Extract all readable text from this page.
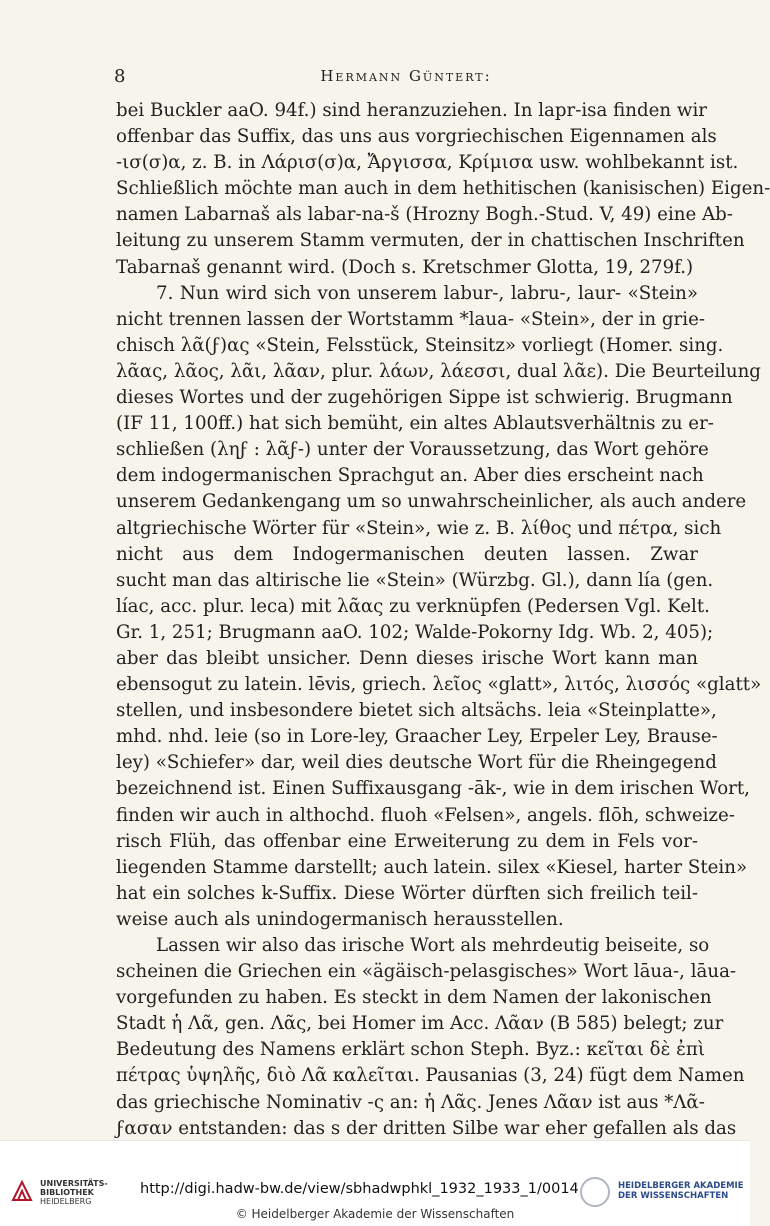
8	Hermann Güntert:
bei Buckler aaO. 94f.) sind heranzuziehen. In lapr-isa finden wir
offenbar das Suffix, das uns aus vorgriechischen Eigennamen als
-ισ(σ)α, z. B. in Λάρισ(σ)α, Ἄργισσα, Κρίμισα usw. wohlbekannt ist.
Schließlich möchte man auch in dem hethitischen (kanisischen) Eigen-
namen Labarnaš als labar-na-š (Hrozny Bogh.-Stud. V, 49) eine Ab-
leitung zu unserem Stamm vermuten, der in chattischen Inschriften
Tabarnaš genannt wird. (Doch s. Kretschmer Glotta, 19, 279f.)
7. Nun wird sich von unserem labur-, labru-, laur- «Stein»
nicht trennen lassen der Wortstamm *laua- «Stein», der in grie-
chisch λᾶ(ϝ)ας «Stein, Felsstück, Steinsitz» vorliegt (Homer. sing.
λᾶας, λᾶος, λᾶι, λᾶαν, plur. λάων, λάεσσι, dual λᾶε). Die Beurteilung
dieses Wortes und der zugehörigen Sippe ist schwierig. Brugmann
(IF 11, 100ff.) hat sich bemüht, ein altes Ablautsverhältnis zu er-
schließen (ληϝ : λᾶϝ-) unter der Voraussetzung, das Wort gehöre
dem indogermanischen Sprachgut an. Aber dies erscheint nach
unserem Gedankengang um so unwahrscheinlicher, als auch andere
altgriechische Wörter für «Stein», wie z. B. λίθος und πέτρα, sich
nicht aus dem Indogermanischen deuten lassen. Zwar
sucht man das altirische lie «Stein» (Würzbg. Gl.), dann lía (gen.
líac, acc. plur. leca) mit λᾶας zu verknüpfen (Pedersen Vgl. Kelt.
Gr. 1, 251; Brugmann aaO. 102; Walde-Pokorny Idg. Wb. 2, 405);
aber das bleibt unsicher. Denn dieses irische Wort kann man
ebensogut zu latein. lēvis, griech. λεῖος «glatt», λιτός, λισσός «glatt»
stellen, und insbesondere bietet sich altsächs. leia «Steinplatte»,
mhd. nhd. leie (so in Lore-ley, Graacher Ley, Erpeler Ley, Brause-
ley) «Schiefer» dar, weil dies deutsche Wort für die Rheingegend
bezeichnend ist. Einen Suffixausgang -āk-, wie in dem irischen Wort,
finden wir auch in althochd. fluoh «Felsen», angels. flōh, schweize-
risch Flüh, das offenbar eine Erweiterung zu dem in Fels vor-
liegenden Stamme darstellt; auch latein. silex «Kiesel, harter Stein»
hat ein solches k-Suffix. Diese Wörter dürften sich freilich teil-
weise auch als unindogermanisch herausstellen.
Lassen wir also das irische Wort als mehrdeutig beiseite, so
scheinen die Griechen ein «ägäisch-pelasgisches» Wort lāua-, lāua-
vorgefunden zu haben. Es steckt in dem Namen der lakonischen
Stadt ἡ Λᾶ, gen. Λᾶς, bei Homer im Acc. Λᾶαν (B 585) belegt; zur
Bedeutung des Namens erklärt schon Steph. Byz.: κεῖται δὲ ἐπὶ
πέτρας ὑψηλῆς, διὸ Λᾶ καλεῖται. Pausanias (3, 24) fügt dem Namen
das griechische Nominativ -ς an: ἡ Λᾶς. Jenes Λᾶαν ist aus *Λᾶ-
ϝασαν entstanden: das s der dritten Silbe war eher gefallen als das
UNIVERSITÄTS-
BIBLIOTHEK
HEIDELBERG
http://digi.hadw-bw.de/view/sbhadwphkl_1932_1933_1/0014
© Heidelberger Akademie der Wissenschaften
HEIDELBERGER AKADEMIE
DER WISSENSCHAFTEN
